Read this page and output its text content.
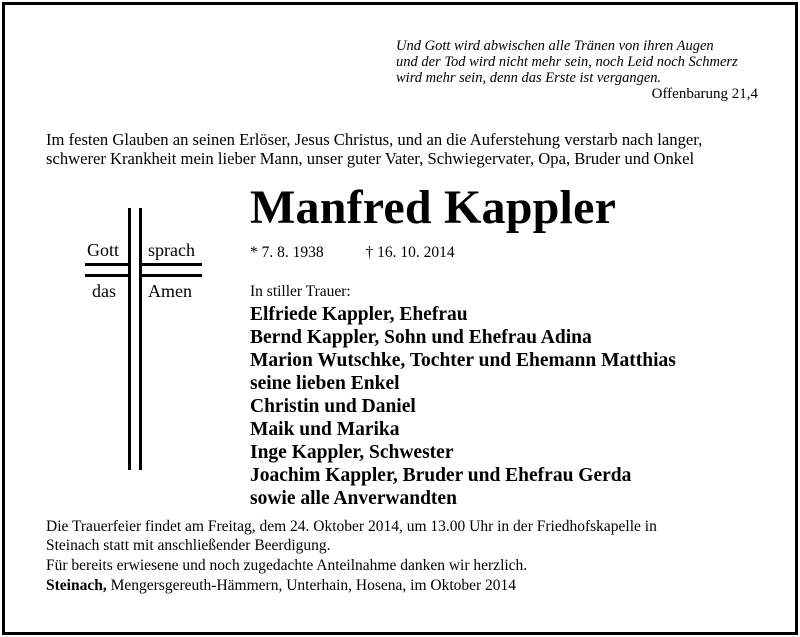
Und Gott wird abwischen alle Tränen von ihren Augen
und der Tod wird nicht mehr sein, noch Leid noch Schmerz
wird mehr sein, denn das Erste ist vergangen.
Offenbarung 21,4
Im festen Glauben an seinen Erlöser, Jesus Christus, und an die Auferstehung verstarb nach langer,
schwerer Krankheit mein lieber Mann, unser guter Vater, Schwiegervater, Opa, Bruder und Onkel
Manfred Kappler
* 7. 8. 1938	† 16. 10. 2014
Gott sprach
das Amen	In stiller Trauer:
Elfriede Kappler, Ehefrau
Bernd Kappler, Sohn und Ehefrau Adina
Marion Wutschke, Tochter und Ehemann Matthias
seine lieben Enkel
Christin und Daniel
Maik und Marika
Inge Kappler, Schwester
Joachim Kappler, Bruder und Ehefrau Gerda
sowie alle Anverwandten
Die Trauerfeier findet am Freitag, dem 24. Oktober 2014, um 13.00 Uhr in der Friedhofskapelle in
Steinach statt mit anschließender Beerdigung.
Für bereits erwiesene und noch zugedachte Anteilnahme danken wir herzlich.
Steinach, Mengersgereuth-Hämmern, Unterhain, Hosena, im Oktober 2014
